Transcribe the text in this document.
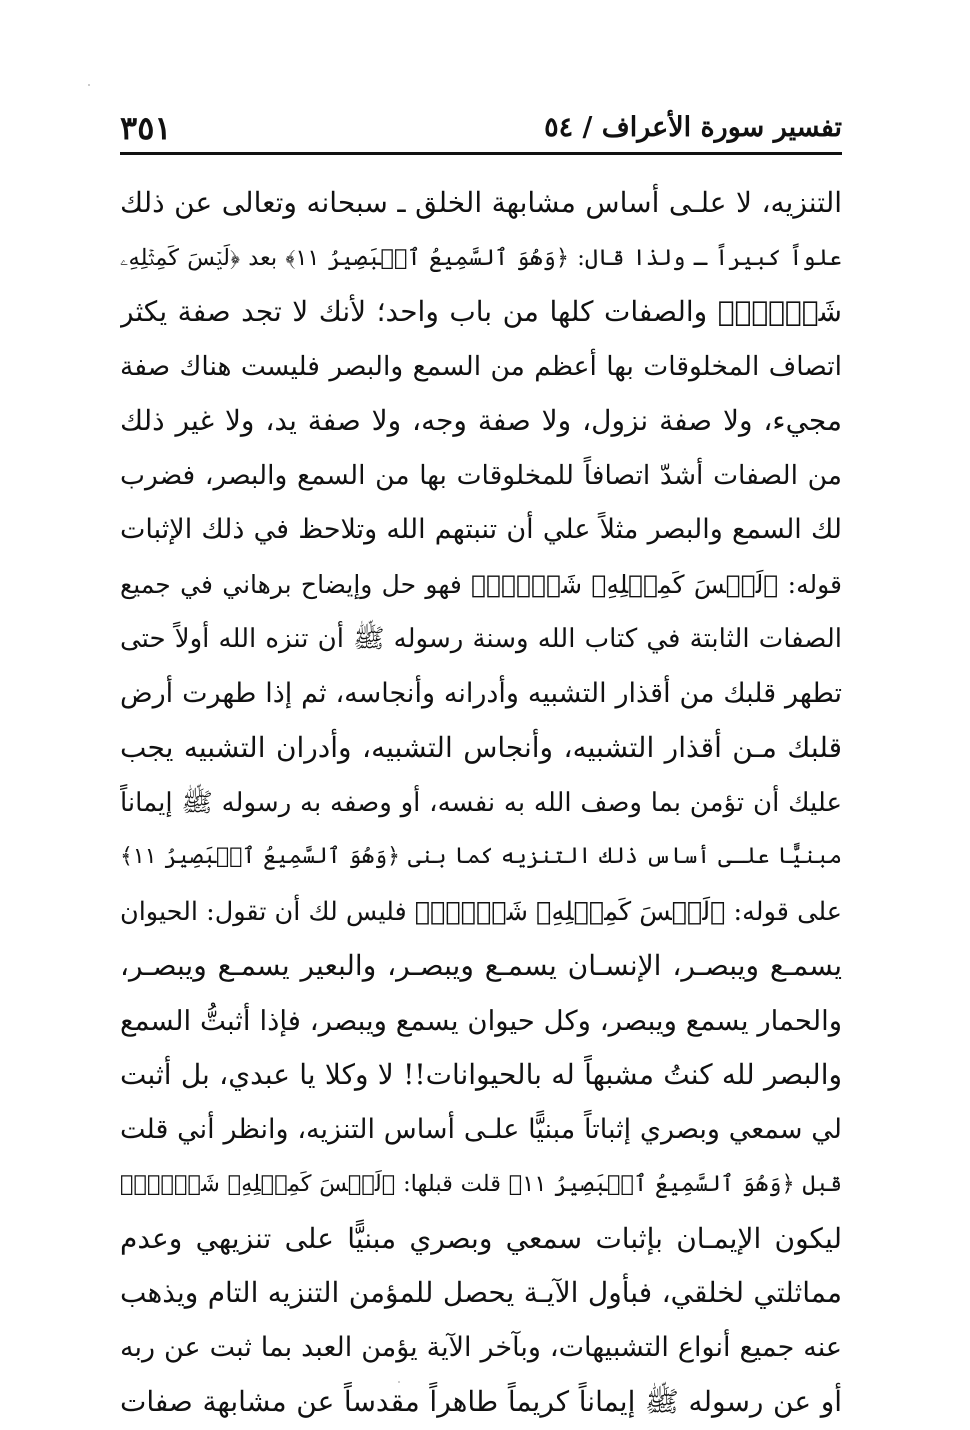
تفسير سورة الأعراف / ٥٤
٣٥١
التنزيه، لا علـى أساس مشابهة الخلق ـ سبحانه وتعالى عن ذلك
علواً كبيراً ـ ولذا قال: ﴿وَهُوَ ٱلسَّمِيعُ ٱلۡبَصِيرُ ١١﴾ بعد ﴿لَيۡسَ كَمِثۡلِهِۦ
شَيۡءٞۖ﴾ والصفات كلها من باب واحد؛ لأنك لا تجد صفة يكثر
اتصاف المخلوقات بها أعظم من السمع والبصر فليست هناك صفة
مجيء، ولا صفة نزول، ولا صفة وجه، ولا صفة يد، ولا غير ذلك
من الصفات أشدّ اتصافاً للمخلوقات بها من السمع والبصر، فضرب
لك السمع والبصر مثلاً علي أن تنبتهم الله وتلاحظ في ذلك الإثبات
قوله: ﴿لَيۡسَ كَمِثۡلِهِۦ شَيۡءٞۖ﴾ فهو حل وإيضاح برهاني في جميع
الصفات الثابتة في كتاب الله وسنة رسوله ﷺ أن تنزه الله أولاً حتى
تطهر قلبك من أقذار التشبيه وأدرانه وأنجاسه، ثم إذا طهرت أرض
قلبك مـن أقذار التشبيه، وأنجاس التشبيه، وأدران التشبيه يجب
عليك أن تؤمن بما وصف الله به نفسه، أو وصفه به رسوله ﷺ إيماناً
مبنيًّا علـى أساس ذلك التنزيه كما بنى ﴿وَهُوَ ٱلسَّمِيعُ ٱلۡبَصِيرُ ١١﴾
على قوله: ﴿لَيۡسَ كَمِثۡلِهِۦ شَيۡءٞۖ﴾ فليس لك أن تقول: الحيوان
يسمـع ويبصـر، الإنسـان يسمـع ويبصـر، والبعير يسمـع ويبصـر،
والحمار يسمع ويبصر، وكل حيوان يسمع ويبصر، فإذا أثبتُّ السمع
والبصر لله كنتُ مشبهاً له بالحيوانات!! لا وكلا يا عبدي، بل أثبت
لي سمعي وبصري إثباتاً مبنيًّا علـى أساس التنزيه، وانظر أني قلت
قبل ﴿وَهُوَ ٱلسَّمِيعُ ٱلۡبَصِيرُ ١١﴾ قلت قبلها: ﴿لَيۡسَ كَمِثۡلِهِۦ شَيۡءٞۖ﴾
ليكون الإيمـان بإثبات سمعي وبصري مبنيًّا على تنزيهي وعدم
مماثلتي لخلقي، فبأول الآيـة يحصل للمؤمن التنزيه التام ويذهب
عنه جميع أنواع التشبيهات، وبآخر الآية يؤمن العبد بما ثبت عن ربه
أو عن رسوله ﷺ إيماناً كريماً طاهراً مقدساً عن مشابهة صفات
